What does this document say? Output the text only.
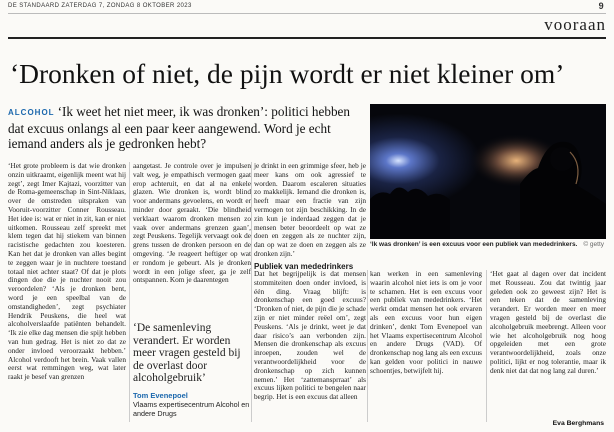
DE STANDAARD ZATERDAG 7, ZONDAG 8 OKTOBER 2023	9
vooraan
‘Dronken of niet, de pijn wordt er niet kleiner om’
ALCOHOL ‘Ik weet het niet meer, ik was dronken’: politici hebben dat excuus onlangs al een paar keer aangewend. Word je echt iemand anders als je gedronken hebt?
‘Ik was dronken’ is een excuus voor een publiek van mededrinkers. © getty

‘Het grote probleem is dat wie dronken onzin uitkraamt, eigenlijk meent wat hij zegt’, zegt Imer Kajtazi, voorzitter van de Roma-gemeenschap in Sint-Niklaas, over de omstreden uitspraken van Vooruit-voorzitter Conner Rousseau. Het idee is: wat er niet in zit, kan er niet uitkomen. Rousseau zelf spreekt met klem tegen dat hij stiekem van binnen racistische gedachten zou koesteren. Kan het dat je dronken van alles begint te zeggen waar je in nuchtere toestand totaal niet achter staat? Of dat je plots dingen doe die je nuchter nooit zou veroordelen? ‘Als je dronken bent, word je een speelbal van de omstandigheden’, zegt psychiater Hendrik Peuskens, die heel wat alcoholverslaafde patiënten behandelt. ‘Ik zie elke dag mensen die spijt hebben van hun gedrag. Het is niet zo dat ze onder invloed veroorzaakt hebben.’ Alcohol verdooft het brein. Vaak vallen eerst wat remmingen weg, wat later raakt je besef van grenzen

aangetast. Je controle over je impulsen valt weg, je empathisch vermogen gaat erop achteruit, en dat al na enkele glazen. Wie dronken is, wordt blind voor andermans gevoelens, en wordt er minder door geraakt. ‘Die blindheid verklaart waarom dronken mensen zo vaak over andermans grenzen gaan’, zegt Peuskens. Tegelijk vervaagt ook de grens tussen de dronken persoon en de omgeving. ‘Je reageert heftiger op wat er rondom je gebeurt. Als je dronken wordt in een jolige sfeer, ga je zelf ontspannen. Kom je daarentegen

je drinkt in een grimmige sfeer, heb je meer kans om ook agressief te worden. Daarom escaleren situaties zo makkelijk. Iemand die dronken is, heeft maar een fractie van zijn vermogen tot zijn beschikking. In de zin kun je inderdaad zeggen dat je mensen beter beoordeelt op wat ze doen en zeggen als ze nuchter zijn, dan op wat ze doen en zeggen als ze dronken zijn.’

Publiek van mededrinkers

Dat het begrijpelijk is dat mensen stommiteiten doen onder invloed, is één ding. Vraag blijft: is dronkenschap een goed excuus? ‘Dronken of niet, de pijn die je schade zijn er niet minder reëel om’, zegt Peuskens. ‘Als je drinkt, weet je dat daar risico’s aan verbonden zijn. Mensen die dronkenschap als excuus inroepen, zouden wel de verantwoordelijkheid voor de dronkenschap op zich kunnen nemen.’ Het ‘zattemansprraat’ als excuus lijken politici te bengelen naar begrip. Het is een excuus dat alleen

kan werken in een samenleving waarin alcohol niet iets is om je voor te schamen. Het is een excuus voor een publiek van mededrinkers. ‘Het werkt omdat mensen het ook ervaren als een excuus voor hun eigen drinken’, denkt Tom Evenepoel van het Vlaams expertisecentrum Alcohol en andere Drugs (VAD). Of dronkenschap nog lang als een excuus kan gelden voor politici in nauwe schoentjes, betwijfelt hij.

‘Het gaat al dagen over dat incident met Rousseau. Zou dat twintig jaar geleden ook zo geweest zijn? Het is een teken dat de samenleving verandert. Er worden meer en meer vragen gesteld bij de overlast die alcoholgebruik meebrengt. Alleen voor wie het alcoholgebruik nog hoog opgeleiden met een grote verantwoordelijkheid, zoals onze politici, lijkt er nog tolerantie, maar ik denk niet dat dat nog lang zal duren.’

‘De samenleving verandert. Er worden meer vragen gesteld bij de overlast door alcoholgebruik’
Tom Evenepoel
Vlaams expertisecentrum Alcohol en andere Drugs
Eva Berghmans
